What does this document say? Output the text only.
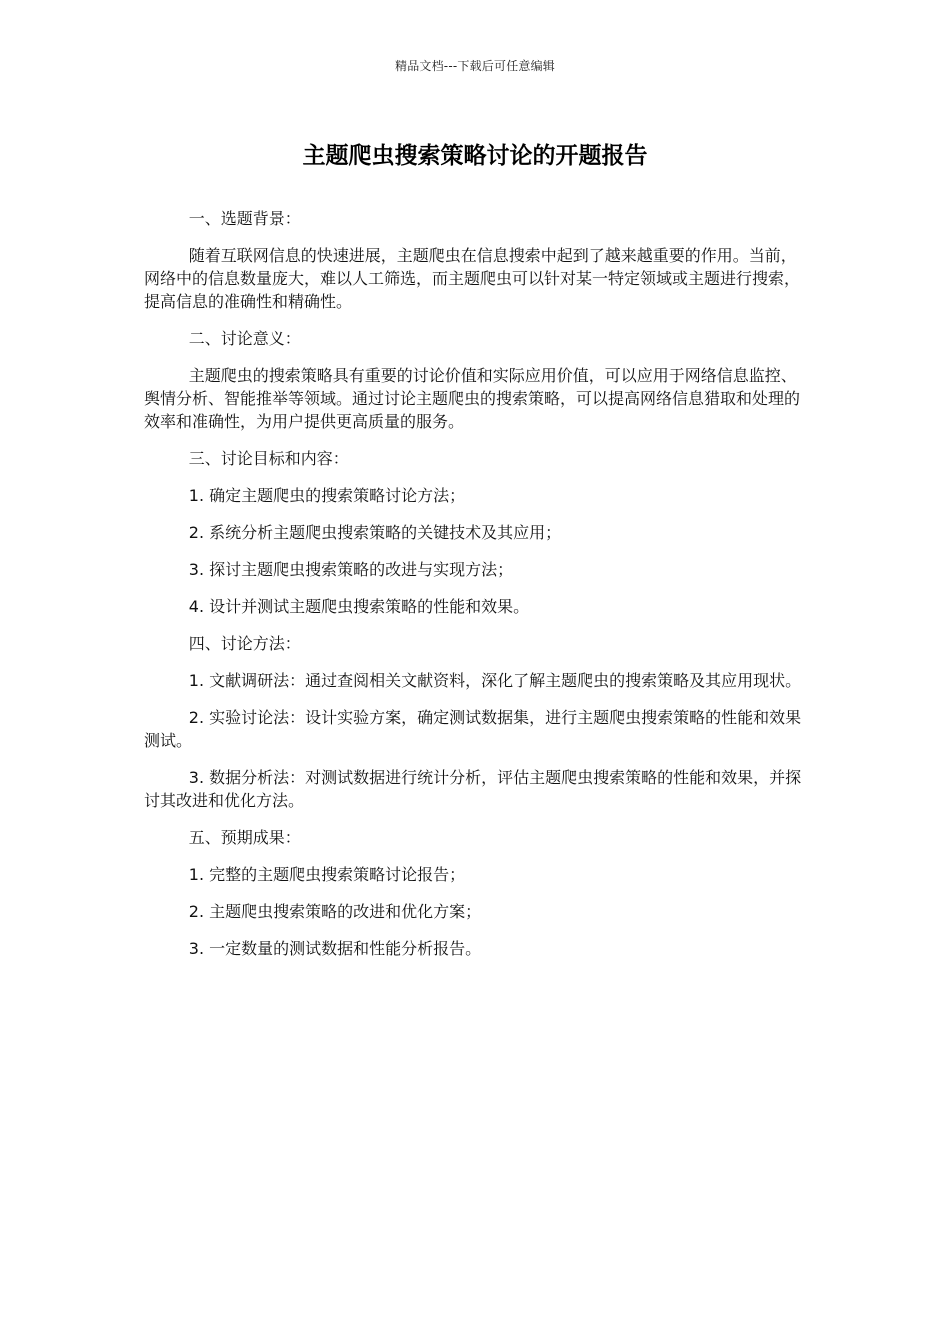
精品文档---下载后可任意编辑
主题爬虫搜索策略讨论的开题报告

一、选题背景：

随着互联网信息的快速进展，主题爬虫在信息搜索中起到了越来越重要的作用。当前，网络中的信息数量庞大，难以人工筛选，而主题爬虫可以针对某一特定领域或主题进行搜索，提高信息的准确性和精确性。

二、讨论意义：

主题爬虫的搜索策略具有重要的讨论价值和实际应用价值，可以应用于网络信息监控、舆情分析、智能推举等领域。通过讨论主题爬虫的搜索策略，可以提高网络信息猎取和处理的效率和准确性，为用户提供更高质量的服务。

三、讨论目标和内容：

1. 确定主题爬虫的搜索策略讨论方法；

2. 系统分析主题爬虫搜索策略的关键技术及其应用；

3. 探讨主题爬虫搜索策略的改进与实现方法；

4. 设计并测试主题爬虫搜索策略的性能和效果。

四、讨论方法：

1. 文献调研法：通过查阅相关文献资料，深化了解主题爬虫的搜索策略及其应用现状。

2. 实验讨论法：设计实验方案，确定测试数据集，进行主题爬虫搜索策略的性能和效果测试。

3. 数据分析法：对测试数据进行统计分析，评估主题爬虫搜索策略的性能和效果，并探讨其改进和优化方法。

五、预期成果：

1. 完整的主题爬虫搜索策略讨论报告；

2. 主题爬虫搜索策略的改进和优化方案；

3. 一定数量的测试数据和性能分析报告。
